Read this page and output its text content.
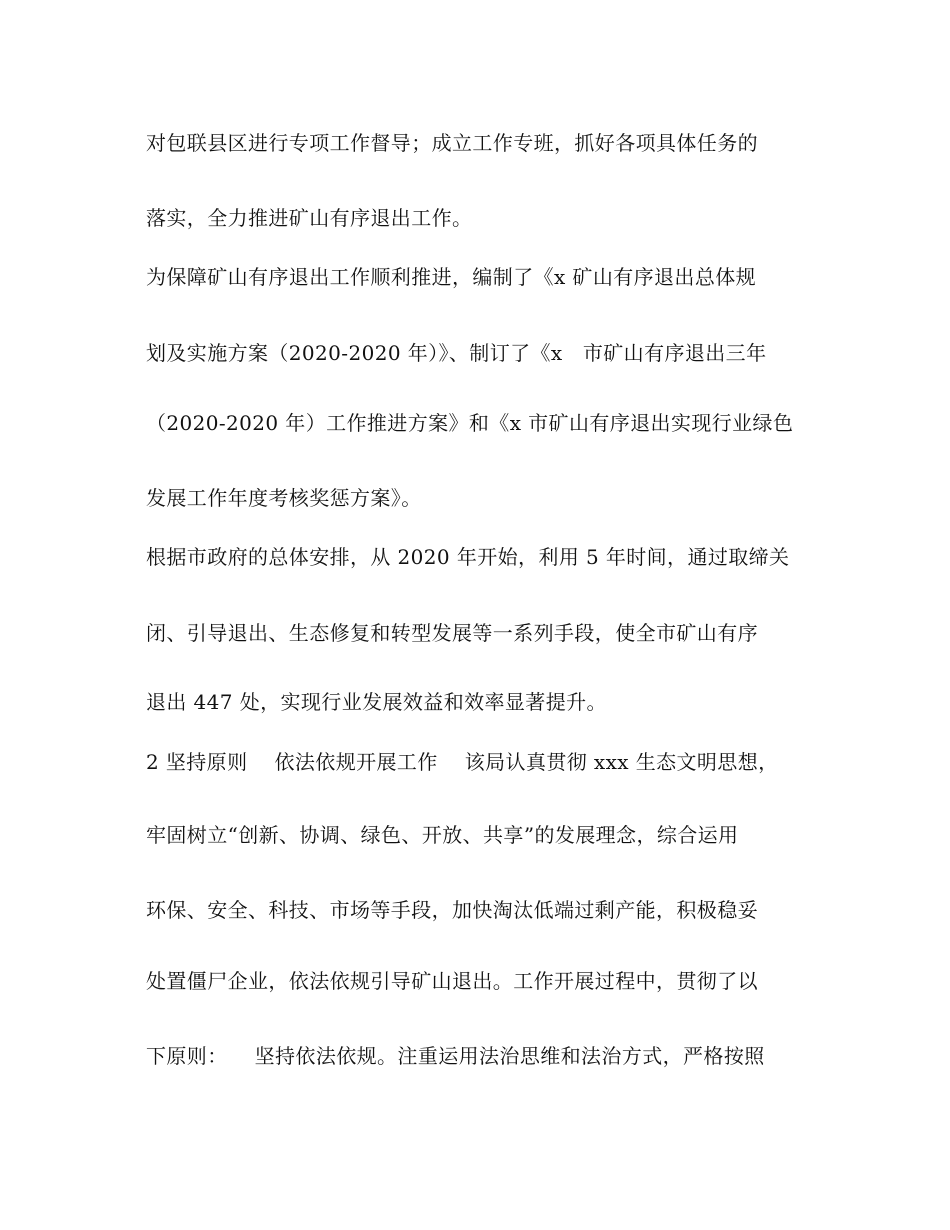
对包联县区进行专项工作督导；成立工作专班，抓好各项具体任务的
落实，全力推进矿山有序退出工作。
为保障矿山有序退出工作顺利推进，编制了《x 矿山有序退出总体规
划及实施方案（2020-2020 年）》、制订了《x   市矿山有序退出三年
（2020-2020 年）工作推进方案》和《x 市矿山有序退出实现行业绿色
发展工作年度考核奖惩方案》。
根据市政府的总体安排，从 2020 年开始，利用 5 年时间，通过取缔关
闭、引导退出、生态修复和转型发展等一系列手段，使全市矿山有序
退出 447 处，实现行业发展效益和效率显著提升。
2 坚持原则    依法依规开展工作    该局认真贯彻 xxx 生态文明思想，
牢固树立“创新、协调、绿色、开放、共享”的发展理念，综合运用
环保、安全、科技、市场等手段，加快淘汰低端过剩产能，积极稳妥
处置僵尸企业，依法依规引导矿山退出。工作开展过程中，贯彻了以
下原则：    坚持依法依规。注重运用法治思维和法治方式，严格按照
